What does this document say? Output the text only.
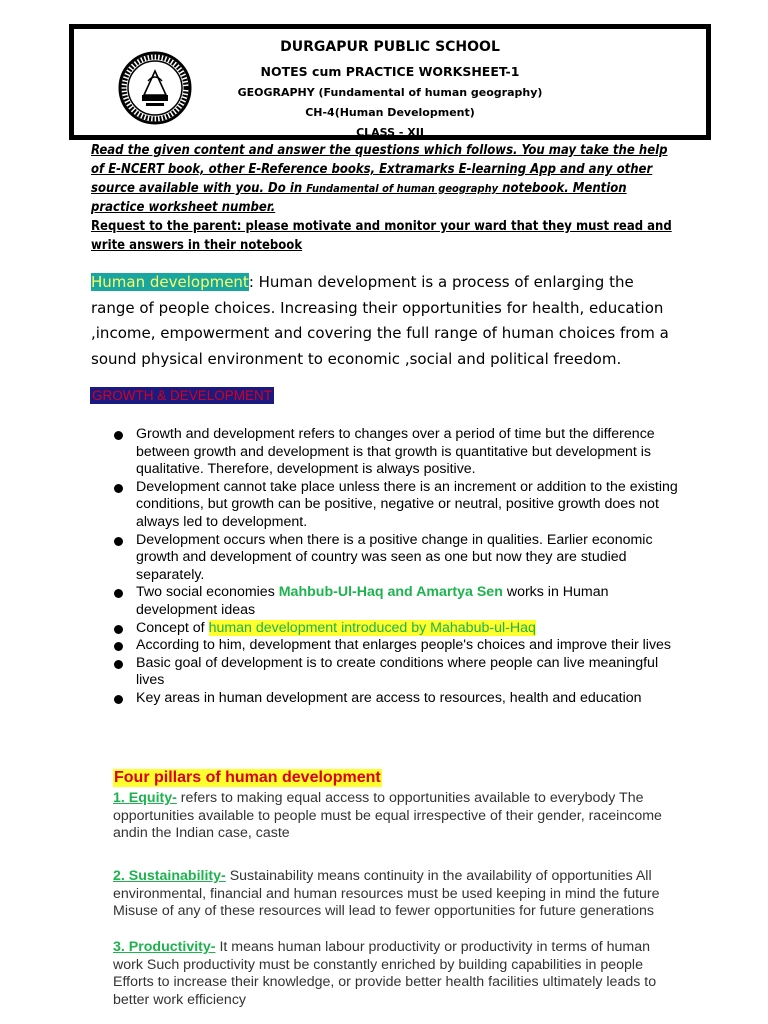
DURGAPUR PUBLIC SCHOOL
NOTES cum PRACTICE WORKSHEET-1
GEOGRAPHY (Fundamental of human geography)
CH-4(Human Development)
CLASS - XII
Read the given content and answer the questions which follows. You may take the help of E-NCERT book, other E-Reference books, Extramarks E-learning App and any other source available with you. Do in Fundamental of human geography notebook. Mention practice worksheet number.
Request to the parent: please motivate and monitor your ward that they must read and write answers in their notebook
Human development: Human development is a process of enlarging the range of people choices. Increasing their opportunities for health, education ,income, empowerment and covering the full range of human choices from a sound physical environment to economic ,social and political freedom.
GROWTH & DEVELOPMENT
Growth and development refers to changes over a period of time but the difference between growth and development is that growth is quantitative but development is qualitative. Therefore, development is always positive.
Development cannot take place unless there is an increment or addition to the existing conditions, but growth can be positive, negative or neutral, positive growth does not always led to development.
Development occurs when there is a positive change in qualities. Earlier economic growth and development of country was seen as one but now they are studied separately.
Two social economies Mahbub-Ul-Haq and Amartya Sen works in Human development ideas
Concept of human development introduced by Mahabub-ul-Haq
According to him, development that enlarges people's choices and improve their lives
Basic goal of development is to create conditions where people can live meaningful lives
Key areas in human development are access to resources, health and education
Four pillars of human development
1. Equity- refers to making equal access to opportunities available to everybody The opportunities available to people must be equal irrespective of their gender, raceincome andin the Indian case, caste
2. Sustainability- Sustainability means continuity in the availability of opportunities All environmental, financial and human resources must be used keeping in mind the future Misuse of any of these resources will lead to fewer opportunities for future generations
3. Productivity- It means human labour productivity or productivity in terms of human work Such productivity must be constantly enriched by building capabilities in people Efforts to increase their knowledge, or provide better health facilities ultimately leads to better work efficiency
